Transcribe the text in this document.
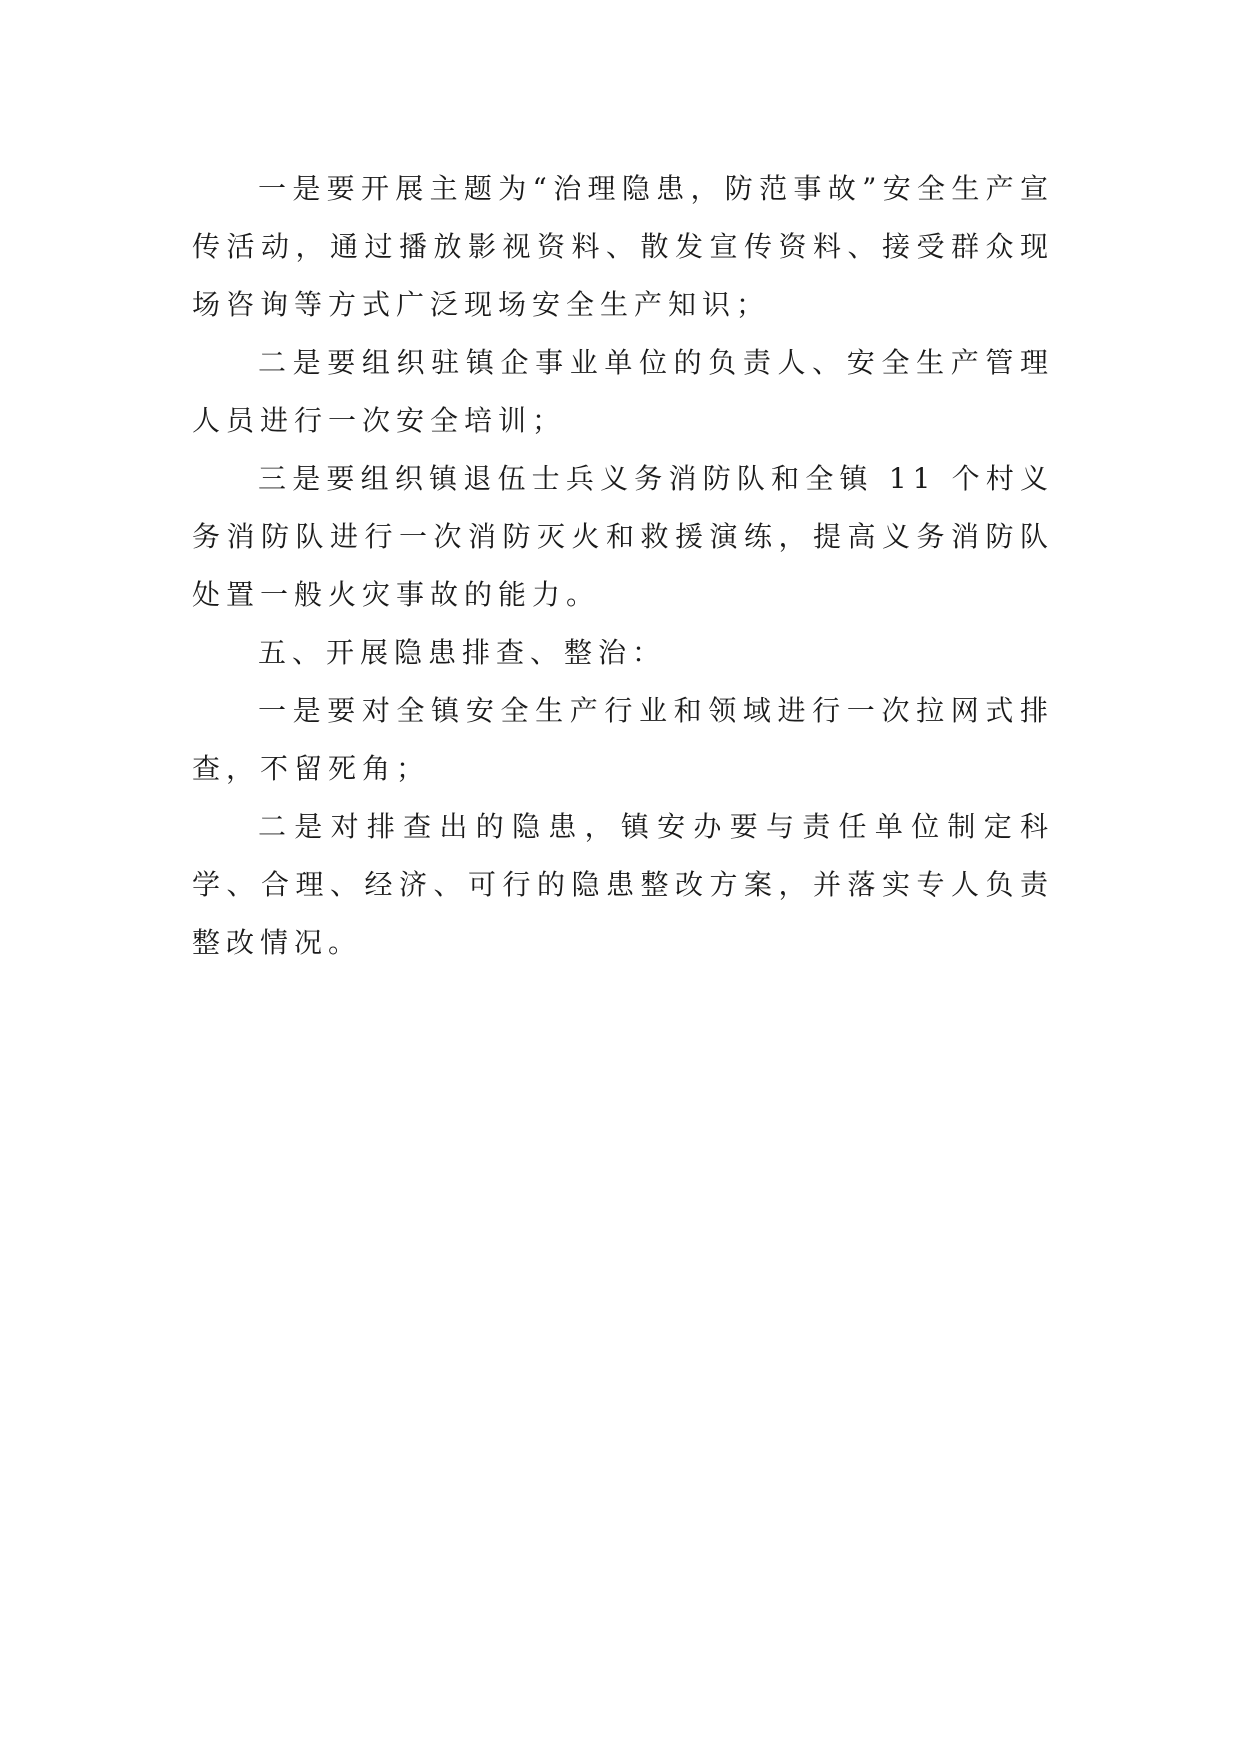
一是要开展主题为“治理隐患，防范事故”安全生产宣传活动，通过播放影视资料、散发宣传资料、接受群众现场咨询等方式广泛现场安全生产知识；

二是要组织驻镇企事业单位的负责人、安全生产管理人员进行一次安全培训；

三是要组织镇退伍士兵义务消防队和全镇 11 个村义务消防队进行一次消防灭火和救援演练，提高义务消防队处置一般火灾事故的能力。

五、开展隐患排查、整治：

一是要对全镇安全生产行业和领域进行一次拉网式排查，不留死角；

二是对排查出的隐患，镇安办要与责任单位制定科学、合理、经济、可行的隐患整改方案，并落实专人负责整改情况。
